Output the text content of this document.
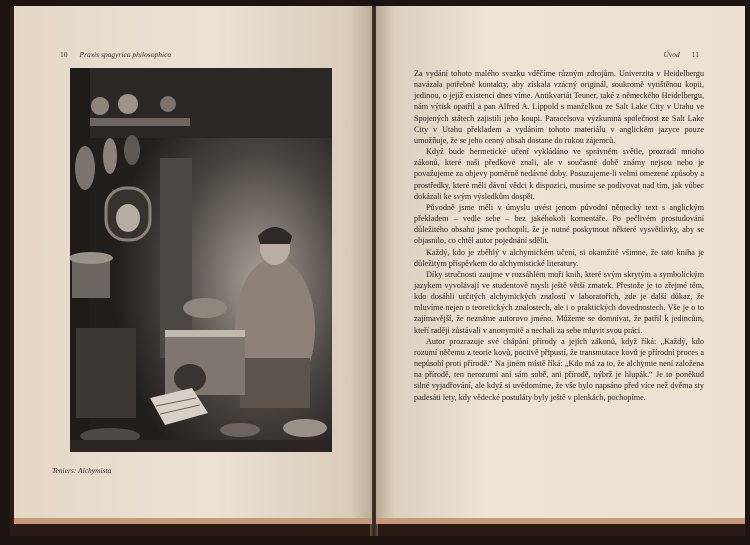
10 Praxis spagyrica philosophica
Teniers: Alchymista
Úvod 11

Za vydání tohoto malého svazku vděčíme různým zdrojům. Univerzita v Heidelbergu navázala potřebné kontakty, aby získala vzácný originál, soukromě vytištěnou kopii, jedinou, o jejíž existenci dnes víme. Antikvariát Teuner, také z německého Heidelbergu, nám výtisk opatřil a pan Alfred A. Lippold s manželkou ze Salt Lake City v Utahu ve Spojených státech zajistili jeho koupi. Paracelsova výzkumná společnost ze Salt Lake City v Utahu překladem a vydáním tohoto materiálu v anglickém jazyce pouze umožňuje, že se jeho cenný obsah dostane do rukou zájemců.

Když bude hermetické učení vykládáno ve správném světle, prozradí mnoho zákonů, které naši předkové znali, ale v současné době známy nejsou nebo je považujeme za objevy poměrně nedávné doby. Posuzujeme-li velmi omezené způsoby a prostředky, které měli dávní vědci k dispozici, musíme se podivovat nad tím, jak vůbec dokázali ke svým výsledkům dospět.

Původně jsme měli v úmyslu uvést jenom původní německý text s anglickým překladem – vedle sebe – bez jakéhokoli komentáře. Po pečlivém prostudování důležitého obsahu jsme pochopili, že je nutné poskytnout některé vysvětlivky, aby se objasnilo, co chtěl autor pojednání sdělit.

Každý, kdo je zběhlý v alchymickém učení, si okamžitě všimne, že tato kniha je důležitým příspěvkem do alchymistické literatury.

Díky stručnosti zaujme v rozsáhlém moři knih, které svým skrytým a symbolickým jazykem vyvolávají ve studentově mysli ještě větší zmatek. Přestože je to zřejmé těm, kdo dosáhli určitých alchymických znalostí v laboratořích, zde je další důkaz, že mluvíme nejen o teoretických znalostech, ale i o praktických dovednostech. Vše je o to zajímavější, že neznáme autorovo jméno. Můžeme se domnívat, že patřil k jedincům, kteří raději zůstávali v anonymitě a nechali za sebe mluvit svou práci.

Autor prozrazuje své chápání přírody a jejích zákonů, když říká: „Každý, kdo rozumí něčemu z teorie kovů, poctivě připustí, že transmutace kovů je přírodní proces a nepůsobí proti přírodě.“ Na jiném místě říká: „Kdo má za to, že alchymie není založena na přírodě, ten nerozumí ani sám sobě, ani přírodě, nýbrž je hlupák.“ Je to poněkud silné vyjadřování, ale když si uvědomíme, že vše bylo napsáno před více než dvěma sty padesáti lety, kdy vědecké postuláty byly ještě v plenkách, pochopíme.
